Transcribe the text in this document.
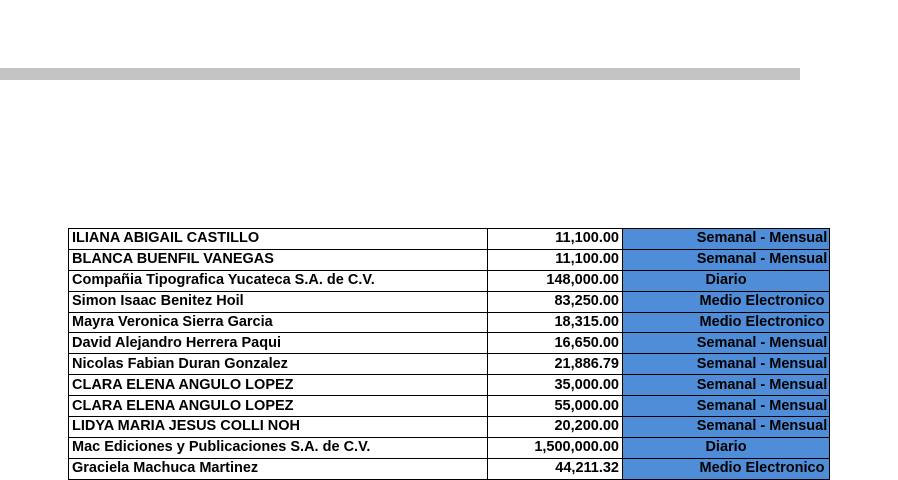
ILIANA ABIGAIL CASTILLO	11,100.00	Semanal - Mensual
BLANCA BUENFIL VANEGAS	11,100.00	Semanal - Mensual
Compañia Tipografica Yucateca S.A. de C.V.	148,000.00	Diario
Simon Isaac Benitez Hoil	83,250.00	Medio Electronico
Mayra Veronica Sierra Garcia	18,315.00	Medio Electronico
David Alejandro Herrera Paqui	16,650.00	Semanal - Mensual
Nicolas Fabian Duran Gonzalez	21,886.79	Semanal - Mensual
CLARA ELENA ANGULO LOPEZ	35,000.00	Semanal - Mensual
CLARA ELENA ANGULO LOPEZ	55,000.00	Semanal - Mensual
LIDYA MARIA JESUS COLLI NOH	20,200.00	Semanal - Mensual
Mac Ediciones y Publicaciones S.A. de C.V.	1,500,000.00	Diario
Graciela Machuca Martinez	44,211.32	Medio Electronico
